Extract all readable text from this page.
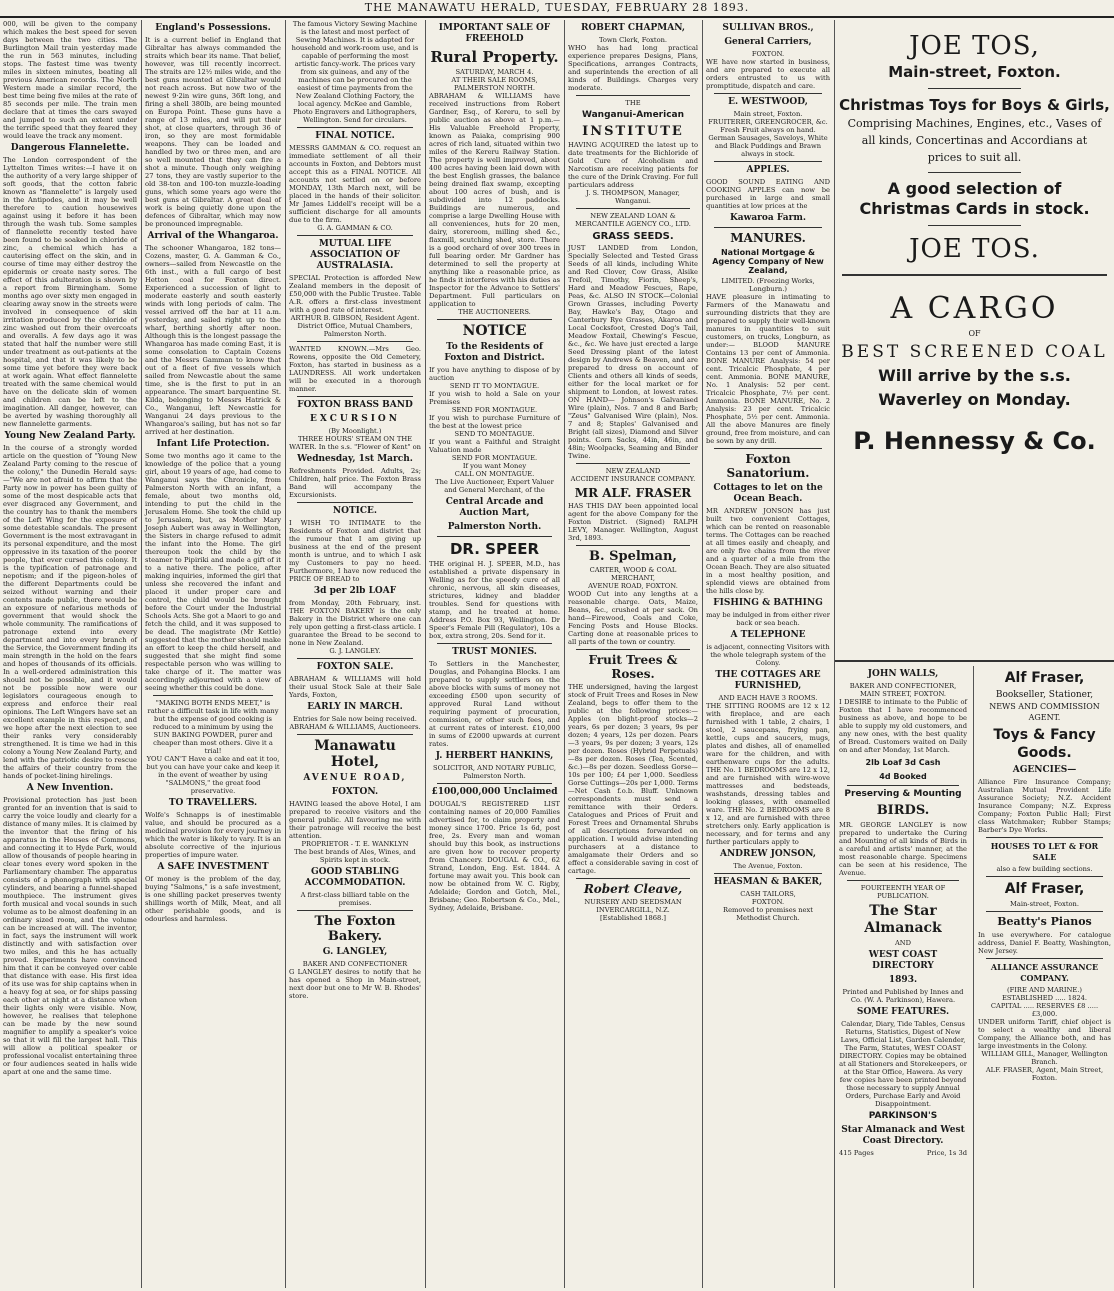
THE MANAWATU HERALD, TUESDAY, FEBRUARY 28 1893.
000, will be given to the company which makes the best speed for seven days between the two cities. The Burlington Mail train yesterday made the run in 563 minutes, including stops. The fastest time was twenty miles in sixteen minutes, beating all previous American records. The North Western made a similar record, the best time being five miles at the rate of 85 seconds per mile. The train men declare that at times the cars swayed and jumped to such an extent under the terrific speed that they feared they would leave the track any moment.
Dangerous Flannelette.
The London correspondent of the Lyttelton Times writes:—I have it on the authority of a very large shipper of soft goods, that the cotton fabric known as "flannelette" is largely used in the Antipodes, and it may be well therefore to caution housewives against using it before it has been through the wash tub. Some samples of flannelette recently tested have been found to be soaked in chloride of zinc, a chemical which has a cauterising effect on the skin, and in course of time may either destroy the epidermis or create nasty sores. The effect of this adulteration is shown by a report from Birmingham. Some months ago over sixty men engaged in clearing away snow in the streets were involved in consequence of skin irritation produced by the chloride of zinc washed out from their overcoats and overalls. A few days ago it was stated that half the number were still under treatment as out-patients at the hospital, and that it was likely to be some time yet before they were back at work again. What effect flannelette treated with the same chemical would have on the delicate skin of women and children can be left to the imagination. All danger, however, can be averted by washing thoroughly all new flannelette garments.
Young New Zealand Party.
In the course of a strongly worded article on the question of "Young New Zealand Party coming to the rescue of the colony," the Dunedin Herald says:—"We are not afraid to affirm that the Party now in power has been guilty of some of the most despicable acts that ever disgraced any Government, and the country has to thank the members of the Left Wing for the exposure of some detestable scandals. The present Government is the most extravagant in its personal expenditure, and the most oppressive in its taxation of the poorer people, that ever cursed this colony. It is the typification of patronage and nepotism; and if the pigeon-holes of the different Departments could be seized without warning and their contents made public, there would be an exposure of nefarious methods of government that would shock the whole community. The ramifications of patronage extend into every department and into every branch of the Service, the Government finding its main strength in the hold on the fears and hopes of thousands of its officials. In a well-ordered administration this should not be possible, and it would not be possible now were our legislators courageous enough to express and enforce their real opinions. The Left Wingers have set an excellent example in this respect, and we hope after the next election to see their ranks very considerably strengthened. It is time we had in this colony a Young New Zealand Party, and lend with the patriotic desire to rescue the affairs of their country from the hands of pocket-lining hirelings.
A New Invention.
Provisional protection has just been granted for an invention that is said to carry the voice loudly and clearly for a distance of many miles. It is claimed by the inventor that the firing of his apparatus in the Houses of Commons, and connecting it to Hyde Park, would allow of thousands of people hearing in clear tones every word spoken in the Parliamentary chamber. The apparatus consists of a phonograph with special cylinders, and bearing a funnel-shaped mouthpiece. The instrument gives forth musical and vocal sounds in such volume as to be almost deafening in an ordinary sized room, and the volume can be increased at will. The inventor, in fact, says the instrument will work distinctly and with satisfaction over two miles, and this he has actually proved. Experiments have convinced him that it can be conveyed over cable that distance with ease. His first idea of its use was for ship captains when in a heavy fog at sea, or for ships passing each other at night at a distance when their lights only were visible. Now, however, he realises that telephone can be made by the new sound magnifier to amplify a speaker's voice so that it will fill the largest hall. This will allow a political speaker or professional vocalist entertaining three or four audiences seated in halls wide apart at one and the same time.
England's Possessions.
It is a current belief in England that Gibraltar has always commanded the straits which bear its name. That belief, however, was till recently incorrect. The straits are 12½ miles wide, and the best guns mounted at Gibraltar would not reach across. But now two of the newest 9·2in wire guns, 36ft long, and firing a shell 380lb, are being mounted on Europa Point. These guns have a range of 13 miles, and will put their shot, at close quarters, through 36 of iron, so they are most formidable weapons. They can be loaded and handled by two or three men, and are so well mounted that they can fire a shot a minute. Though only weighing 27 tons, they are vastly superior to the old 38-ton and 100-ton muzzle-loading guns, which some years ago were the best guns at Gibraltar. A great deal of work is being quietly done upon the defences of Gibraltar, which may now be pronounced impregnable.
Arrival of the Whangaroa.
The schooner Whangaroa, 182 tons—Cozens, master, G. A. Gamman & Co., owners—sailed from Newcastle on the 6th inst., with a full cargo of best Hetton coal for Foxton direct. Experienced a succession of light to moderate easterly and south easterly winds with long periods of calm. The vessel arrived off the bar at 11 a.m. yesterday, and sailed right up to the wharf, berthing shortly after noon. Although this is the longest passage the Whangaroa has made coming East, it is some consolation to Captain Cozens and the Messrs Gamman to know that out of a fleet of five vessels which sailed from Newcastle about the same time, she is the first to put in an appearance. The smart barquentine St. Kilda, belonging to Messrs Hatrick & Co., Wanganui, left Newcastle for Wanganui 24 days previous to the Whangaroa's sailing, but has not so far arrived at her destination.
Infant Life Protection.
Some two months ago it came to the knowledge of the police that a young girl, about 19 years of age, had come to Wanganui says the Chronicle, from Palmerston North with an infant, a female, about two months old, intending to put the child in the Jerusalem Home. She took the child up to Jerusalem, but, as Mother Mary Joseph Aubert was away in Wellington, the Sisters in charge refused to admit the infant into the Home. The girl thereupon took the child by the steamer to Pipiriki and made a gift of it to a native there. The police, after making inquiries, informed the girl that unless she recovered the infant and placed it under proper care and control, the child would be brought before the Court under the Industrial Schools Acts. She got a Maori to go and fetch the child, and it was supposed to be dead. The magistrate (Mr Kettle) suggested that the mother should make an effort to keep the child herself, and suggested that she might find some respectable person who was willing to take charge of it. The matter was accordingly adjourned with a view of seeing whether this could be done.
"MAKING BOTH ENDS MEET," is rather a difficult task in life with many but the expense of good cooking is reduced to a minimum by using the SUN BAKING POWDER, purer and cheaper than most others. Give it a trial!
YOU CAN'T Have a cake and eat it too, but you can have your cake and keep it in the event of weather by using "SALMONS," the great food preservative.
TO TRAVELLERS.
Wolfe's Schnapps is of inestimable value, and should be procured as a medicinal provision for every journey in which the water is likely to vary. It is an absolute corrective of the injurious properties of impure water.
A SAFE INVESTMENT
Of money is the problem of the day, buying "Salmons," is a safe investment, is one shilling packet preserves twenty shillings worth of Milk, Meat, and all other perishable goods, and is odourless and harmless.
The famous Victory Sewing Machine is the latest and most perfect of Sewing Machines. It is adapted for household and work-room use, and is capable of performing the most artistic fancy-work. The prices vary from six guineas, and any of the machines can be procured on the easiest of time payments from the New Zealand Clothing Factory, the local agency. McKee and Gamble, Photo Engravers and Lithographers, Wellington. Send for circulars.
FINAL NOTICE.
MESSRS GAMMAN & CO. request an immediate settlement of all their accounts in Foxton, and Debtors must accept this as a FINAL NOTICE. All accounts not settled on or before MONDAY, 13th March next, will be placed in the hands of their solicitor. Mr James Liddell's receipt will be a sufficient discharge for all amounts due to the firm.
G. A. GAMMAN & CO.
MUTUAL LIFE ASSOCIATION OF AUSTRALASIA.
SPECIAL Protection is afforded New Zealand members in the deposit of £50,000 with the Public Trustee. Table A.R. offers a first-class investment with a good rate of interest.
ARTHUR B. GIBSON, Resident Agent. District Office, Mutual Chambers, Palmerston North.
WANTED KNOWN.—Mrs Geo. Rowens, opposite the Old Cemetery, Foxton, has started in business as a LAUNDRESS. All work undertaken will be executed in a thorough manner.
FOXTON BRASS BAND
EXCURSION
(By Moonlight.)
THREE HOURS' STEAM ON THE WATER. In the s.s. "Flower of Kent" on
Wednesday, 1st March.
Refreshments Provided. Adults, 2s; Children, half price. The Foxton Brass Band will accompany the Excursionists.
NOTICE.
I WISH TO INTIMATE to the Residents of Foxton and district that the rumour that I am giving up business at the end of the present month is untrue, and to which I ask my Customers to pay no heed. Furthermore, I have now reduced the PRICE OF BREAD to
3d per 2lb LOAF
from Monday, 20th February, inst. THE FOXTON BAKERY is the only Bakery in the District where one can rely upon getting a first-class article. I guarantee the Bread to be second to none in New Zealand.
G. J. LANGLEY.
FOXTON SALE.
ABRAHAM & WILLIAMS will hold their usual Stock Sale at their Sale Yards, Foxton,
EARLY IN MARCH.
Entries for Sale now being received.
ABRAHAM & WILLIAMS, Auctioneers.
Manawatu Hotel,
AVENUE ROAD,
FOXTON.
HAVING leased the above Hotel, I am prepared to receive visitors and the general public. All favouring me with their patronage will receive the best attention.
PROPRIETOR - T. E. WANKLYN
The best brands of Ales, Wines, and Spirits kept in stock.
GOOD STABLING ACCOMMODATION.
A first-class billiard table on the premises.
The Foxton Bakery.
G. LANGLEY,
BAKER AND CONFECTIONER
G LANGLEY desires to notify that he has opened a Shop in Main-street, next door but one to Mr W. B. Rhodes' store.
IMPORTANT SALE OF FREEHOLD
Rural Property.
SATURDAY, MARCH 4.
AT THEIR SALE ROOMS, PALMERSTON NORTH.
ABRAHAM & WILLIAMS have received instructions from Robert Gardner, Esq., of Kereru, to sell by public auction as above at 1 p.m.— His Valuable Freehold Property, known as Paiaka, comprising 900 acres of rich land, situated within two miles of the Kereru Railway Station. The property is well improved, about 400 acres having been laid down with the best English grasses, the balance being drained flax swamp, excepting about 100 acres of bush, and is subdivided into 12 paddocks. Buildings are numerous, and comprise a large Dwelling House with all conveniences, huts for 20 men, dairy, storeroom, milling shed &c., flaxmill, scutching shed, store. There is a good orchard of over 300 trees in full bearing order. Mr Gardner has determined to sell the property at anything like a reasonable price, as he finds it interferes with his duties as Inspector for the Advance to Settlers' Department. Full particulars on application to
THE AUCTIONEERS.
NOTICE
To the Residents of Foxton and District.
If you have anything to dispose of by auction
SEND IT TO MONTAGUE.
If you wish to hold a Sale on your Premises
SEND FOR MONTAGUE.
If you wish to purchase Furniture of the best at the lowest price
SEND TO MONTAGUE.
If you want a Faithful and Straight Valuation made
SEND FOR MONTAGUE.
If you want Money
CALL ON MONTAGUE.
The Live Auctioneer, Expert Valuer and General Merchant, of the
Central Arcade and Auction Mart,
Palmerston North.
DR. SPEER
THE original H. J. SPEER, M.D., has established a private dispensary in Welling as for the speedy cure of all chronic, nervous, all skin diseases, strictures, kidney and bladder troubles. Send for questions with stamp, and he treated at home. Address P.O. Box 93, Wellington. Dr Speer's Female Pill (Regulator), 10s a box, extra strong, 20s. Send for it.
TRUST MONIES.
To Settlers in the Manchester, Douglas, and Pohangina Blocks. I am prepared to supply settlers on the above blocks with sums of money not exceeding £500 upon security of approved Rural Land without requiring payment of procuration, commission, or other such fees, and at current rates of interest. £10,000 in sums of £2000 upwards at current rates.
J. HERBERT HANKINS,
SOLICITOR, AND NOTARY PUBLIC, Palmerston North.
£100,000,000 Unclaimed
DOUGAL'S REGISTERED LIST containing names of 20,000 Families advertised for, to claim property and money since 1700. Price 1s 6d, post free, 2s. Every man and woman should buy this book, as instructions are given how to recover property from Chancery. DOUGAL & CO., 62 Strand, London, Eng. Est. 1844. A fortune may await you. This book can now be obtained from W. C. Rigby, Adelaide; Gordon and Gotch, Mel., Brisbane; Geo. Robertson & Co., Mel., Sydney, Adelaide, Brisbane.
ROBERT CHAPMAN,
Town Clerk, Foxton.
WHO has had long practical experience prepares Designs, Plans, Specifications, arranges Contracts, and superintends the erection of all kinds of Buildings. Charges very moderate.
THE
Wanganui-American
INSTITUTE
HAVING ACQUIRED the latest up to date treatments for the Bichloride of Gold Cure of Alcoholism and Narcotism are receiving patients for the cure of the Drink Craving. For full particulars address
J. S. THOMPSON, Manager, Wanganui.
NEW ZEALAND LOAN & MERCANTILE AGENCY CO., LTD.
GRASS SEEDS.
JUST LANDED from London, Specially Selected and Tested Grass Seeds of all kinds, including White and Red Clover, Cow Grass, Alsike Trefoil, Timothy, Fiorin, Sheep's, Hard and Meadow Fescues, Rape, Peas, &c. ALSO IN STOCK—Colonial Grown Grasses, including Poverty Bay, Hawke's Bay, Otago and Canterbury Rye Grasses, Akaroa and Local Cocksfoot, Crested Dog's Tail, Meadow Foxtail, Chewing's Fescue, &c., &c. We have just erected a large Seed Dressing plant of the latest design by Andrews & Beaven, and are prepared to dress on account of Clients and others all kinds of seeds, either for the local market or for shipment to London, at lowest rates. ON HAND— Johnson's Galvanised Wire (plain), Nos. 7 and 8 and Barb; "Zeus" Galvanised Wire (plain), Nos. 7 and 8; Staples' Galvanised and Bright (all sizes), Diamond and Silver points. Corn Sacks, 44in, 46in, and 48in; Woolpacks, Seaming and Binder Twine.
NEW ZEALAND
ACCIDENT INSURANCE COMPANY.
MR ALF. FRASER
HAS THIS DAY been appointed local agent for the above Company for the Foxton District. (Signed) RALPH LEVY, Manager. Wellington, August 3rd, 1893.
B. Spelman,
CARTER, WOOD & COAL MERCHANT,
AVENUE ROAD, FOXTON.
WOOD Cut into any lengths at a reasonable charge. Oats, Maize, Beans, &c., crushed at per sack. On hand—Firewood, Coals and Coke, Fencing Posts and House Blocks. Carting done at reasonable prices to all parts of the town or country.
Fruit Trees & Roses.
THE undersigned, having the largest stock of Fruit Trees and Roses in New Zealand, begs to offer them to the public at the following prices:— Apples (on blight-proof stocks—2 years, 6s per dozen; 3 years, 9s per dozen; 4 years, 12s per dozen. Pears—3 years, 9s per dozen; 3 years, 12s per dozen. Roses (Hybrid Perpetuals)—8s per dozen. Roses (Tea, Scented, &c.)—8s per dozen. Seedless Gorse—10s per 100; £4 per 1,000. Seedless Gorse Cuttings—20s per 1,000. Terms—Net Cash f.o.b. Bluff. Unknown correspondents must send a remittance with their Orders. Catalogues and Prices of Fruit and Forest Trees and Ornamental Shrubs of all descriptions forwarded on application. I would advise intending purchasers at a distance to amalgamate their Orders and so effect a considerable saving in cost of cartage.
Robert Cleave,
NURSERY AND SEEDSMAN
INVERCARGILL, N.Z.
[Established 1868.]
SULLIVAN BROS.,
General Carriers,
FOXTON.
WE have now started in business, and are prepared to execute all orders entrusted to us with promptitude, dispatch and care.
E. WESTWOOD,
Main street, Foxton.
FRUITERER, GREENGROCER, &c.
Fresh Fruit always on hand. German Sausages, Saveloys, White and Black Puddings and Brawn always in stock.
APPLES.
GOOD SOUND EATING AND COOKING APPLES can now be purchased in large and small quantities at low prices at the
Kawaroa Farm.
MANURES.
National Mortgage & Agency Company of New Zealand,
LIMITED. (Freezing Works, Longburn.)
HAVE pleasure in intimating to Farmers of the Manawatu and surrounding districts that they are prepared to supply their well-known manures in quantities to suit customers, on trucks, Longburn, as under:— BLOOD MANURE Contains 13 per cent of Ammonia. BONE MANURE Analysis: 54 per cent. Tricalcic Phosphate, 4 per cent. Ammonia. BONE MANURE, No. 1 Analysis: 52 per cent. Tricalcic Phosphate, 7½ per cent. Ammonia. BONE MANURE, No. 2 Analysis: 23 per cent. Tricalcic Phosphate, 5½ per cent. Ammonia. All the above Manures are finely ground, free from moisture, and can be sown by any drill.
Foxton Sanatorium.
Cottages to let on the Ocean Beach.
MR ANDREW JONSON has just built two convenient Cottages, which can be rented on reasonable terms. The Cottages can be reached at all times easily and cheaply, and are only five chains from the river and a quarter of a mile from the Ocean Beach. They are also situated in a most healthy position, and splendid views are obtained from the hills close by.
FISHING & BATHING
may be indulged in from either river back or sea beach.
A TELEPHONE
is adjacent, connecting Visitors with the whole telegraph system of the Colony.
THE COTTAGES ARE FURNISHED,
AND EACH HAVE 3 ROOMS.
THE SITTING ROOMS are 12 x 12 with fireplace, and are each furnished with 1 table, 2 chairs, 1 stool, 2 saucepans, frying pan, kettle, cups and saucers, mugs, plates and dishes, all of enamelled ware for the children, and with earthenware cups for the adults. THE No. 1 BEDROOMS are 12 x 12, and are furnished with wire-wove mattresses and bedsteads, washstands, dressing tables and looking glasses, with enamelled ware. THE No. 2 BEDROOMS are 8 x 12, and are furnished with three stretchers only. Early application is necessary, and for terms and any further particulars apply to
ANDREW JONSON,
The Avenue, Foxton.
HEASMAN & BAKER,
CASH TAILORS,
FOXTON.
Removed to premises next Methodist Church.
JOE TOS,
Main-street, Foxton.
Christmas Toys for Boys & Girls,
Comprising Machines, Engines, etc., Vases of all kinds, Concertinas and Accordians at prices to suit all.
A good selection of Christmas Cards in stock.
JOE TOS.
A CARGO
OF
BEST SCREENED COAL
Will arrive by the s.s. Waverley on Monday.
P. Hennessy & Co.
JOHN WALLS,
BAKER AND CONFECTIONER,
MAIN STREET, FOXTON.
I DESIRE to intimate to the Public of Foxton that I have recommenced business as above, and hope to be able to supply my old customers, and any new ones, with the best quality of Bread. Customers waited on Daily on and after Monday, 1st March.
2lb Loaf 3d Cash
4d Booked
Preserving & Mounting
BIRDS.
MR. GEORGE LANGLEY is now prepared to undertake the Curing and Mounting of all kinds of Birds in a careful and artists' manner, at the most reasonable charge. Specimens can be seen at his residence, The Avenue.
FOURTEENTH YEAR OF PUBLICATION.
The Star Almanack
AND
WEST COAST DIRECTORY
1893.
Printed and Published by Innes and Co. (W. A. Parkinson), Hawera.
SOME FEATURES.
Calendar, Diary, Tide Tables, Census Returns, Statistics, Digest of New Laws, Official List, Garden Calender, The Farm, Statutes, WEST COAST DIRECTORY. Copies may be obtained at all Stationers and Storekeepers, or at the Star Office, Hawera. As very few copies have been printed beyond those necessary to supply Annual Orders, Purchase Early and Avoid Disappointment.
PARKINSON'S
Star Almanack and West Coast Directory.
415 Pages	Price, 1s 3d
Alf Fraser,
Bookseller, Stationer,
NEWS AND COMMISSION AGENT.
Toys & Fancy Goods.
AGENCIES—
Alliance Fire Insurance Company; Australian Mutual Provident Life Assurance Society; N.Z. Accident Insurance Company; N.Z. Express Company; Foxton Public Hall; First class Watchmaker; Rubber Stamps; Barber's Dye Works.
HOUSES TO LET & FOR SALE
also a few building sections.
Alf Fraser,
Main-street, Foxton.
Beatty's Pianos
In use everywhere. For catalogue address, Daniel F. Beatty, Washington, New Jersey.
ALLIANCE ASSURANCE COMPANY.
(FIRE AND MARINE.)
ESTABLISHED ..... 1824.
CAPITAL ..... RESERVES £8 ..... £3,000.
UNDER uniform Tariff, chief object is to select a wealthy and liberal Company, the Alliance both, and has large investments in the Colony.
WILLIAM GILL, Manager, Wellington Branch.
ALF. FRASER, Agent, Main Street, Foxton.
